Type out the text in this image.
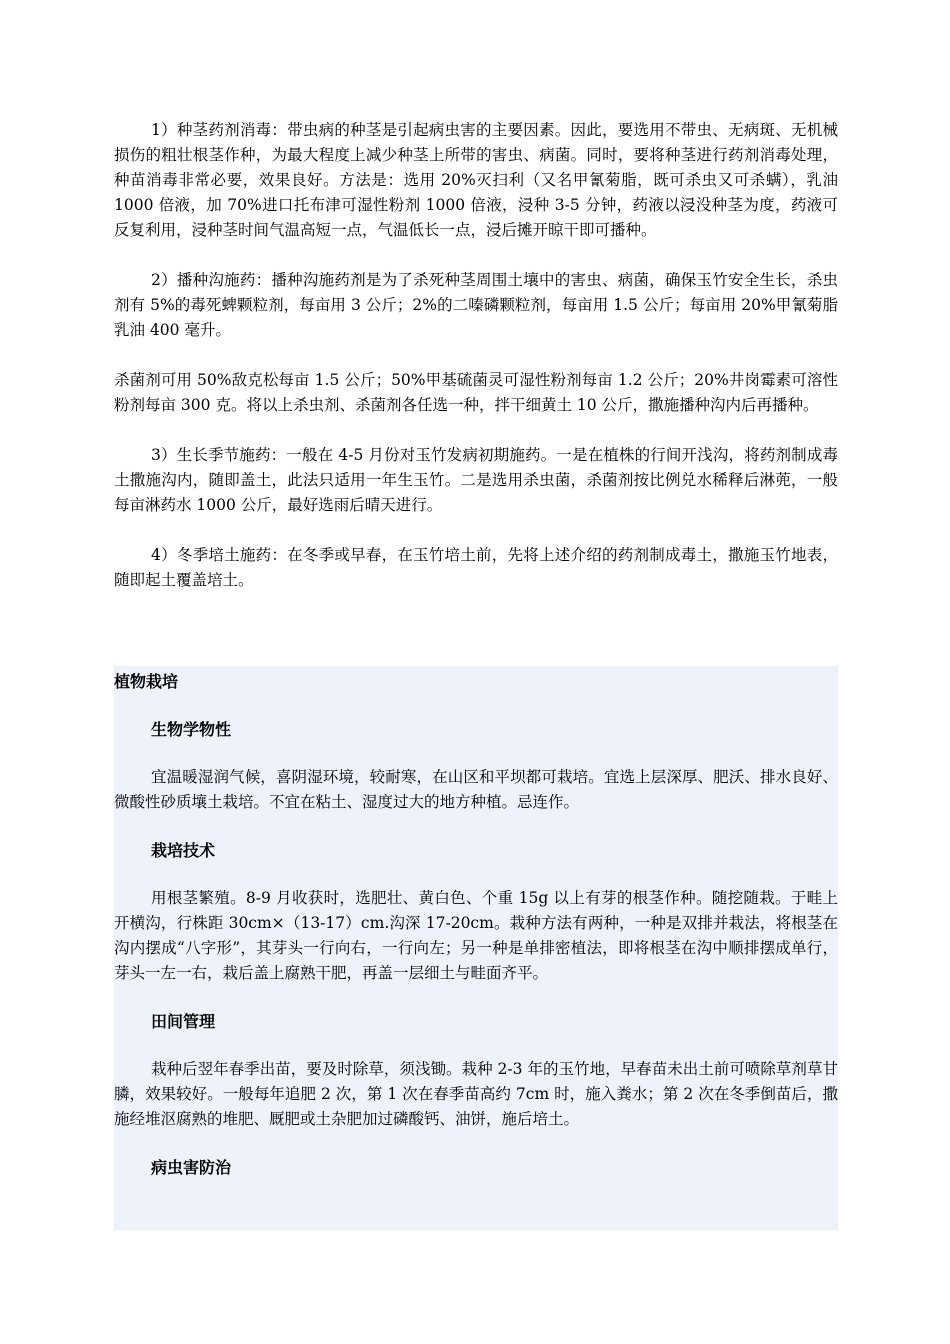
1）种茎药剂消毒：带虫病的种茎是引起病虫害的主要因素。因此，要选用不带虫、无病斑、无机械损伤的粗壮根茎作种，为最大程度上减少种茎上所带的害虫、病菌。同时，要将种茎进行药剂消毒处理，种苗消毒非常必要，效果良好。方法是：选用 20%灭扫利（又名甲氰菊脂，既可杀虫又可杀螨），乳油 1000 倍液，加 70%进口托布津可湿性粉剂 1000 倍液，浸种 3-5 分钟，药液以浸没种茎为度，药液可反复利用，浸种茎时间气温高短一点，气温低长一点，浸后摊开晾干即可播种。

2）播种沟施药：播种沟施药剂是为了杀死种茎周围土壤中的害虫、病菌，确保玉竹安全生长，杀虫剂有 5%的毒死蜱颗粒剂，每亩用 3 公斤；2%的二嗪磷颗粒剂，每亩用 1.5 公斤；每亩用 20%甲氰菊脂乳油 400 毫升。

杀菌剂可用 50%敌克松每亩 1.5 公斤；50%甲基硫菌灵可湿性粉剂每亩 1.2 公斤；20%井岗霉素可溶性粉剂每亩 300 克。将以上杀虫剂、杀菌剂各任选一种，拌干细黄土 10 公斤，撒施播种沟内后再播种。

3）生长季节施药：一般在 4-5 月份对玉竹发病初期施药。一是在植株的行间开浅沟，将药剂制成毒土撒施沟内，随即盖土，此法只适用一年生玉竹。二是选用杀虫菌，杀菌剂按比例兑水稀释后淋蔸，一般每亩淋药水 1000 公斤，最好选雨后晴天进行。

4）冬季培土施药：在冬季或早春，在玉竹培土前，先将上述介绍的药剂制成毒土，撒施玉竹地表，随即起土覆盖培土。

植物栽培

生物学物性

宜温暖湿润气候，喜阴湿环境，较耐寒，在山区和平坝都可栽培。宜选上层深厚、肥沃、排水良好、微酸性砂质壤土栽培。不宜在粘土、湿度过大的地方种植。忌连作。

栽培技术

用根茎繁殖。8-9 月收获时，选肥壮、黄白色、个重 15g 以上有芽的根茎作种。随挖随栽。于畦上开横沟，行株距 30cm×（13-17）cm.沟深 17-20cm。栽种方法有两种，一种是双排并栽法，将根茎在沟内摆成“八字形”，其芽头一行向右，一行向左；另一种是单排密植法，即将根茎在沟中顺排摆成单行，芽头一左一右，栽后盖上腐熟干肥，再盖一层细土与畦面齐平。

田间管理

栽种后翌年春季出苗，要及时除草，须浅锄。栽种 2-3 年的玉竹地，早春苗未出土前可喷除草剂草甘膦，效果较好。一般每年追肥 2 次，第 1 次在春季苗高约 7cm 时，施入粪水；第 2 次在冬季倒苗后，撒施经堆沤腐熟的堆肥、厩肥或土杂肥加过磷酸钙、油饼，施后培土。

病虫害防治
